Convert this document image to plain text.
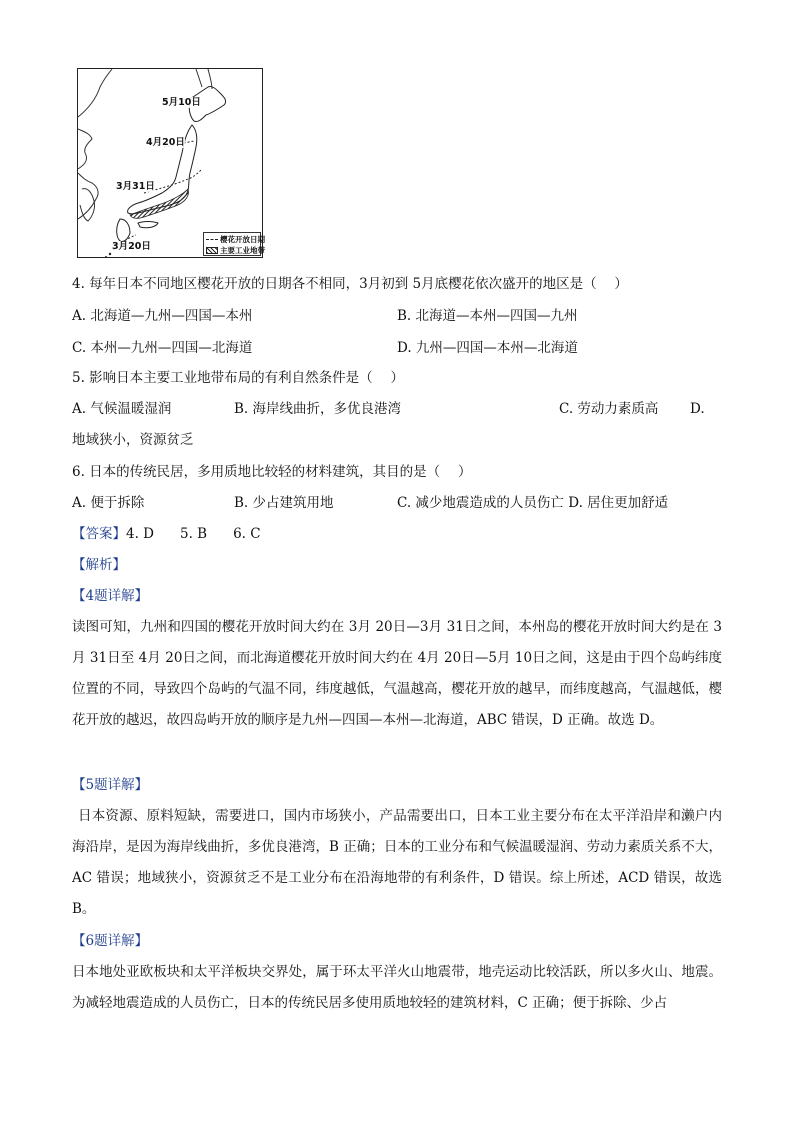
5月10日
4月20日
3月31日
3月20日
樱花开放日期
主要工业地带
4. 每年日本不同地区樱花开放的日期各不相同，3月初到 5月底樱花依次盛开的地区是（　 ）
A. 北海道—九州—四国—本州	B. 北海道—本州—四国—九州
C. 本州—九州—四国—北海道	D. 九州—四国—本州—北海道
5. 影响日本主要工业地带布局的有利自然条件是（　 ）
A. 气候温暖湿润	B. 海岸线曲折，多优良港湾	C. 劳动力素质高 D.
地域狭小，资源贫乏
6. 日本的传统民居，多用质地比较轻的材料建筑，其目的是（　 ）
A. 便于拆除	B. 少占建筑用地	C. 减少地震造成的人员伤亡 D. 居住更加舒适
【答案】4. D 5. B 6. C
【解析】
【4题详解】
读图可知，九州和四国的樱花开放时间大约在 3月 20日—3月 31日之间，本州岛的樱花开放时间大约是在 3月 31日至 4月 20日之间，而北海道樱花开放时间大约在 4月 20日—5月 10日之间，这是由于四个岛屿纬度位置的不同，导致四个岛屿的气温不同，纬度越低，气温越高，樱花开放的越早，而纬度越高，气温越低，樱花开放的越迟，故四岛屿开放的顺序是九州—四国—本州—北海道，ABC 错误，D 正确。故选 D。
【5题详解】
日本资源、原料短缺，需要进口，国内市场狭小，产品需要出口，日本工业主要分布在太平洋沿岸和濑户内海沿岸，是因为海岸线曲折，多优良港湾，B 正确；日本的工业分布和气候温暖湿润、劳动力素质关系不大，AC 错误；地域狭小，资源贫乏不是工业分布在沿海地带的有利条件，D 错误。综上所述，ACD 错误，故选 B。
【6题详解】
日本地处亚欧板块和太平洋板块交界处，属于环太平洋火山地震带，地壳运动比较活跃，所以多火山、地震。为减轻地震造成的人员伤亡，日本的传统民居多使用质地较轻的建筑材料，C 正确；便于拆除、少占
